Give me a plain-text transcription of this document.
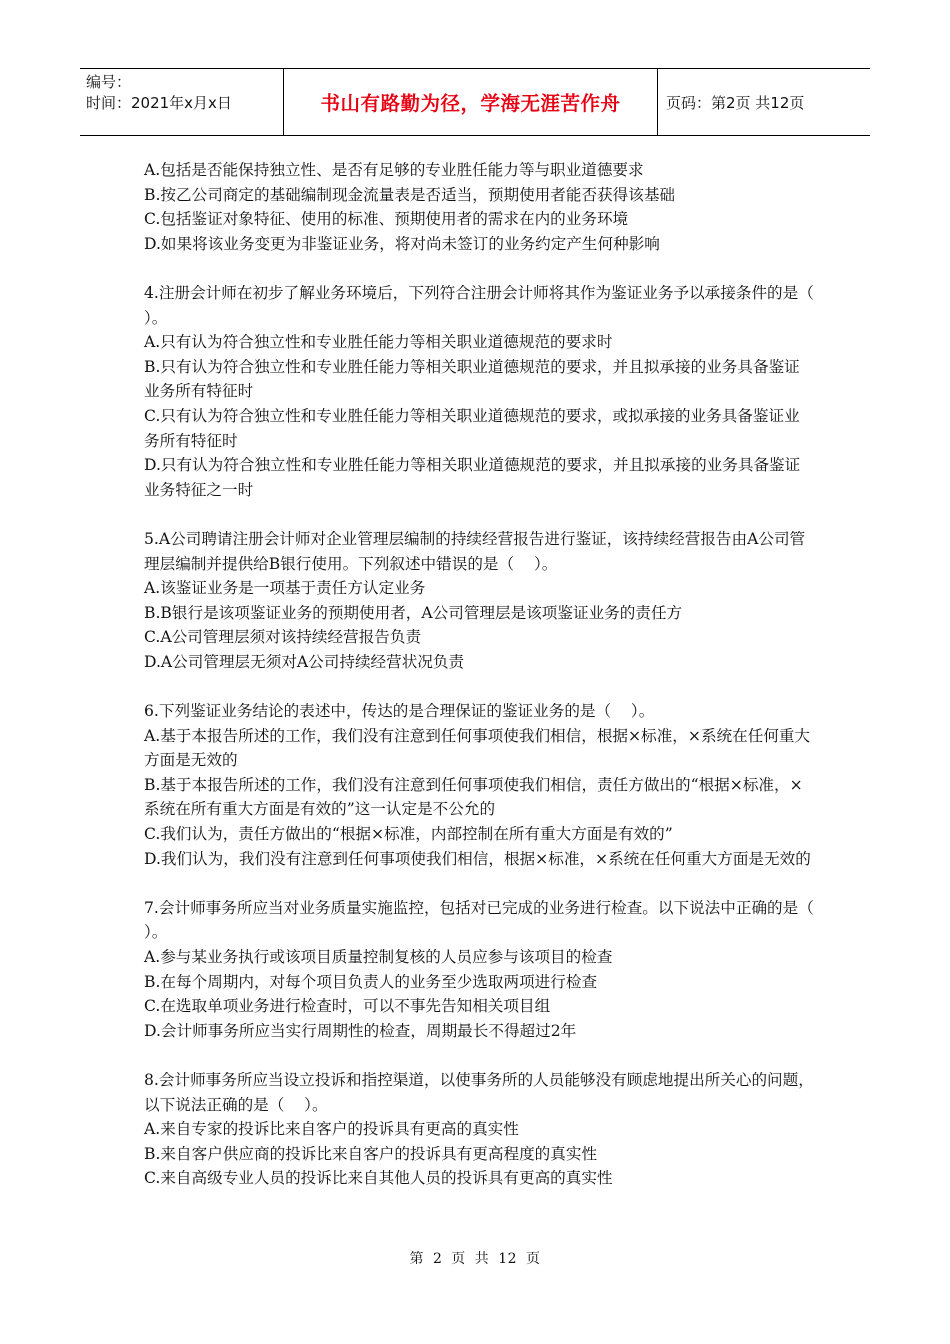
编号：
时间：2021年x月x日	书山有路勤为径，学海无涯苦作舟	页码：第2页 共12页
A.包括是否能保持独立性、是否有足够的专业胜任能力等与职业道德要求
B.按乙公司商定的基础编制现金流量表是否适当，预期使用者能否获得该基础
C.包括鉴证对象特征、使用的标准、预期使用者的需求在内的业务环境
D.如果将该业务变更为非鉴证业务，将对尚未签订的业务约定产生何种影响
4.注册会计师在初步了解业务环境后，下列符合注册会计师将其作为鉴证业务予以承接条件的是（      ）。
A.只有认为符合独立性和专业胜任能力等相关职业道德规范的要求时
B.只有认为符合独立性和专业胜任能力等相关职业道德规范的要求，并且拟承接的业务具备鉴证业务所有特征时
C.只有认为符合独立性和专业胜任能力等相关职业道德规范的要求，或拟承接的业务具备鉴证业务所有特征时
D.只有认为符合独立性和专业胜任能力等相关职业道德规范的要求，并且拟承接的业务具备鉴证业务特征之一时
5.A公司聘请注册会计师对企业管理层编制的持续经营报告进行鉴证，该持续经营报告由A公司管理层编制并提供给B银行使用。下列叙述中错误的是（    ）。
A.该鉴证业务是一项基于责任方认定业务
B.B银行是该项鉴证业务的预期使用者，A公司管理层是该项鉴证业务的责任方
C.A公司管理层须对该持续经营报告负责
D.A公司管理层无须对A公司持续经营状况负责
6.下列鉴证业务结论的表述中，传达的是合理保证的鉴证业务的是（    ）。
A.基于本报告所述的工作，我们没有注意到任何事项使我们相信，根据×标准，×系统在任何重大方面是无效的
B.基于本报告所述的工作，我们没有注意到任何事项使我们相信，责任方做出的“根据×标准，×系统在所有重大方面是有效的”这一认定是不公允的
C.我们认为，责任方做出的“根据×标准，内部控制在所有重大方面是有效的”
D.我们认为，我们没有注意到任何事项使我们相信，根据×标准，×系统在任何重大方面是无效的
7.会计师事务所应当对业务质量实施监控，包括对已完成的业务进行检查。以下说法中正确的是（    ）。
A.参与某业务执行或该项目质量控制复核的人员应参与该项目的检查
B.在每个周期内，对每个项目负责人的业务至少选取两项进行检查
C.在选取单项业务进行检查时，可以不事先告知相关项目组
D.会计师事务所应当实行周期性的检查，周期最长不得超过2年
8.会计师事务所应当设立投诉和指控渠道，以使事务所的人员能够没有顾虑地提出所关心的问题，以下说法正确的是（    ）。
A.来自专家的投诉比来自客户的投诉具有更高的真实性
B.来自客户供应商的投诉比来自客户的投诉具有更高程度的真实性
C.来自高级专业人员的投诉比来自其他人员的投诉具有更高的真实性
第 2 页 共 12 页
